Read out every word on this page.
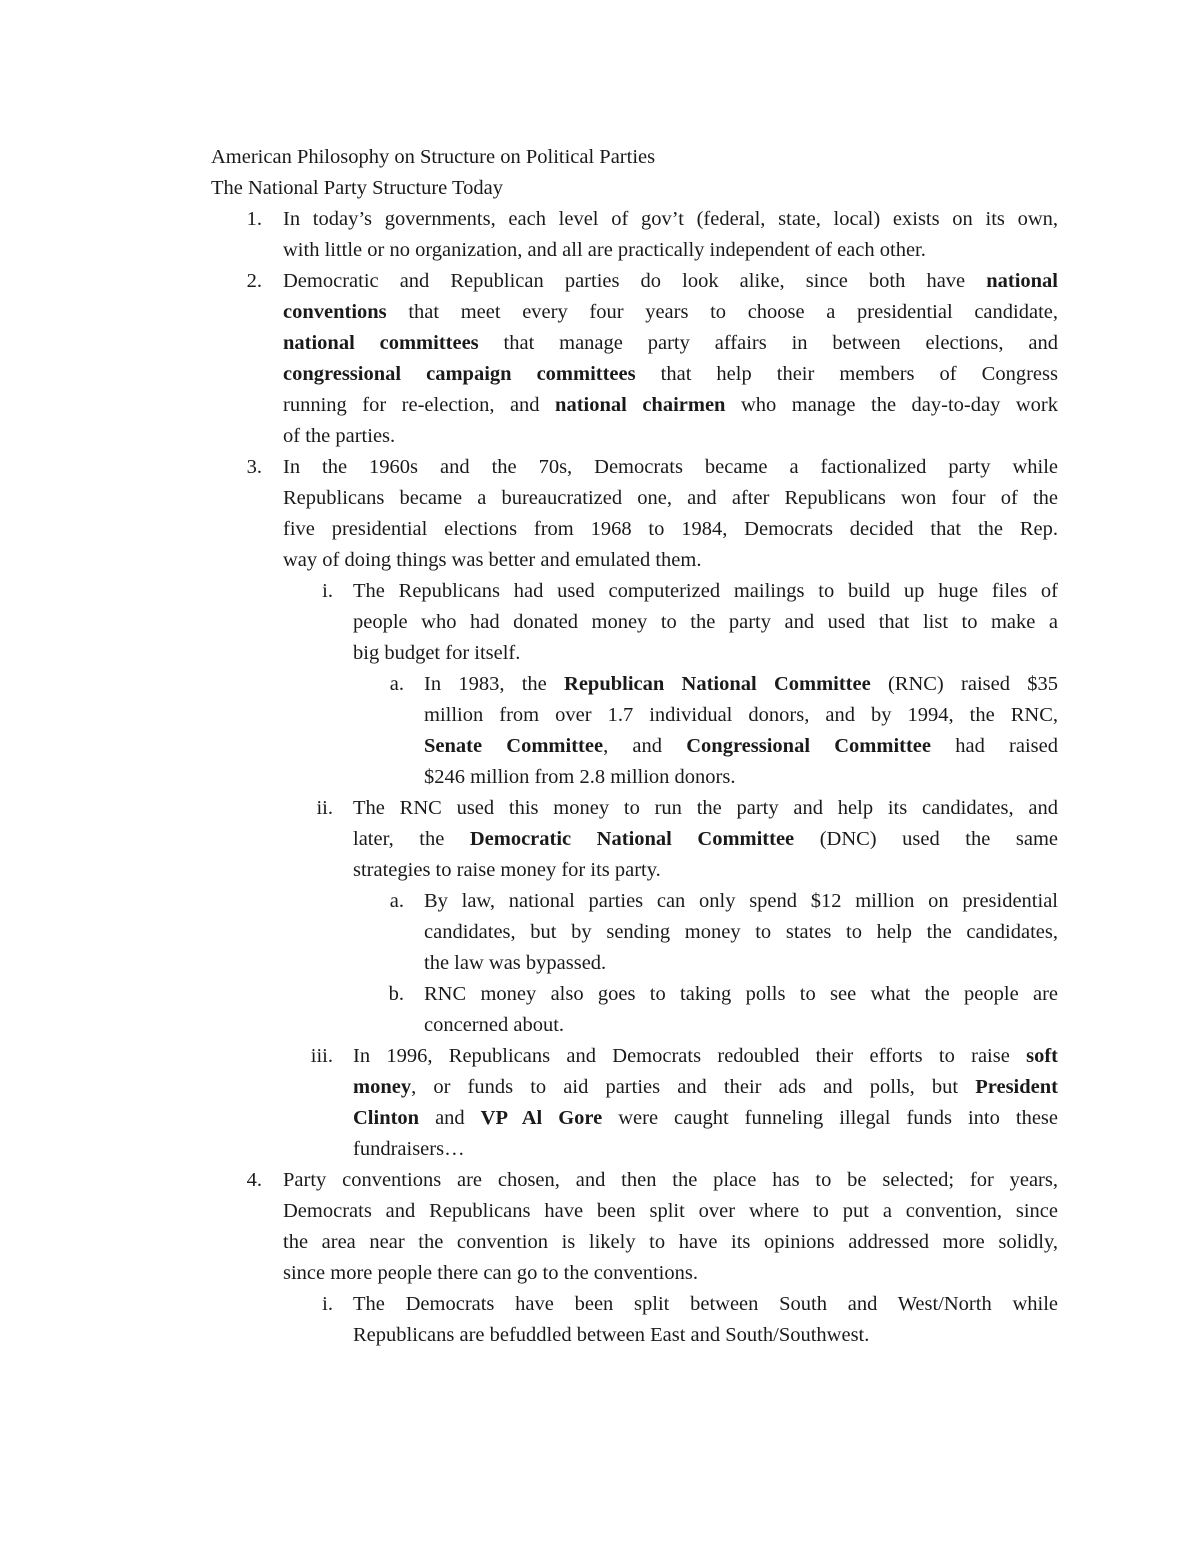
American Philosophy on Structure on Political Parties
The National Party Structure Today
1. In today’s governments, each level of gov’t (federal, state, local) exists on its own,
with little or no organization, and all are practically independent of each other.
2. Democratic and Republican parties do look alike, since both have national
conventions that meet every four years to choose a presidential candidate,
national committees that manage party affairs in between elections, and
congressional campaign committees that help their members of Congress
running for re-election, and national chairmen who manage the day-to-day work
of the parties.
3. In the 1960s and the 70s, Democrats became a factionalized party while
Republicans became a bureaucratized one, and after Republicans won four of the
five presidential elections from 1968 to 1984, Democrats decided that the Rep.
way of doing things was better and emulated them.
i. The Republicans had used computerized mailings to build up huge files of
people who had donated money to the party and used that list to make a
big budget for itself.
a. In 1983, the Republican National Committee (RNC) raised $35
million from over 1.7 individual donors, and by 1994, the RNC,
Senate Committee, and Congressional Committee had raised
$246 million from 2.8 million donors.
ii. The RNC used this money to run the party and help its candidates, and
later, the Democratic National Committee (DNC) used the same
strategies to raise money for its party.
a. By law, national parties can only spend $12 million on presidential
candidates, but by sending money to states to help the candidates,
the law was bypassed.
b. RNC money also goes to taking polls to see what the people are
concerned about.
iii. In 1996, Republicans and Democrats redoubled their efforts to raise soft
money, or funds to aid parties and their ads and polls, but President
Clinton and VP Al Gore were caught funneling illegal funds into these
fundraisers…
4. Party conventions are chosen, and then the place has to be selected; for years,
Democrats and Republicans have been split over where to put a convention, since
the area near the convention is likely to have its opinions addressed more solidly,
since more people there can go to the conventions.
i. The Democrats have been split between South and West/North while
Republicans are befuddled between East and South/Southwest.
